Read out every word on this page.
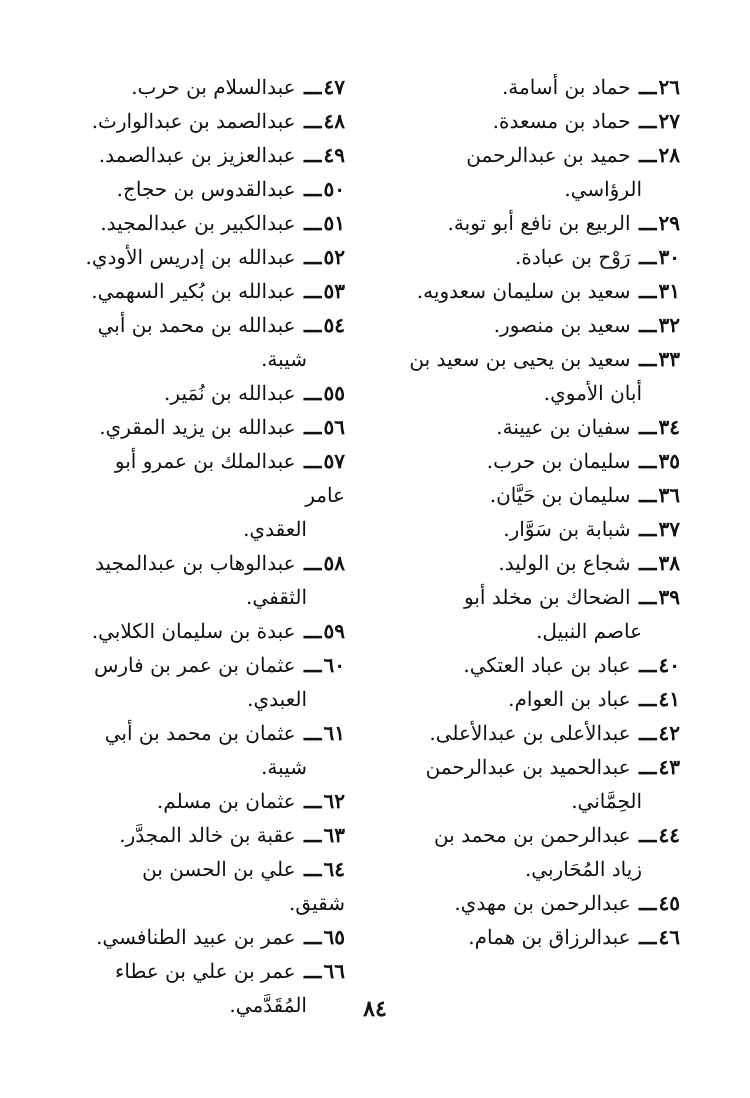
٢٦ـــ حماد بن أسامة.

٢٧ـــ حماد بن مسعدة.

٢٨ـــ حميد بن عبدالرحمن
الرؤاسي.

٢٩ـــ الربيع بن نافع أبو توبة.

٣٠ـــ رَوْح بن عبادة.

٣١ـــ سعيد بن سليمان سعدويه.

٣٢ـــ سعيد بن منصور.

٣٣ـــ سعيد بن يحيى بن سعيد بن
أبان الأموي.

٣٤ـــ سفيان بن عيينة.

٣٥ـــ سليمان بن حرب.

٣٦ـــ سليمان بن حَيَّان.

٣٧ـــ شبابة بن سَوَّار.

٣٨ـــ شجاع بن الوليد.

٣٩ـــ الضحاك بن مخلد أبو
عاصم النبيل.

٤٠ـــ عباد بن عباد العتكي.

٤١ـــ عباد بن العوام.

٤٢ـــ عبدالأعلى بن عبدالأعلى.

٤٣ـــ عبدالحميد بن عبدالرحمن
الحِمَّاني.

٤٤ـــ عبدالرحمن بن محمد بن
زياد المُحَاربي.

٤٥ـــ عبدالرحمن بن مهدي.

٤٦ـــ عبدالرزاق بن همام.

٤٧ـــ عبدالسلام بن حرب.

٤٨ـــ عبدالصمد بن عبدالوارث.

٤٩ـــ عبدالعزيز بن عبدالصمد.

٥٠ـــ عبدالقدوس بن حجاج.

٥١ـــ عبدالكبير بن عبدالمجيد.

٥٢ـــ عبدالله بن إدريس الأودي.

٥٣ـــ عبدالله بن بُكير السهمي.

٥٤ـــ عبدالله بن محمد بن أبي
شيبة.

٥٥ـــ عبدالله بن نُمَير.

٥٦ـــ عبدالله بن يزيد المقري.

٥٧ـــ عبدالملك بن عمرو أبو عامر
العقدي.

٥٨ـــ عبدالوهاب بن عبدالمجيد
الثقفي.

٥٩ـــ عبدة بن سليمان الكلابي.

٦٠ـــ عثمان بن عمر بن فارس
العبدي.

٦١ـــ عثمان بن محمد بن أبي
شيبة.

٦٢ـــ عثمان بن مسلم.

٦٣ـــ عقبة بن خالد المجدَّر.

٦٤ـــ علي بن الحسن بن شقيق.

٦٥ـــ عمر بن عبيد الطنافسي.

٦٦ـــ عمر بن علي بن عطاء
المُقَدَّمي.	٨٤
